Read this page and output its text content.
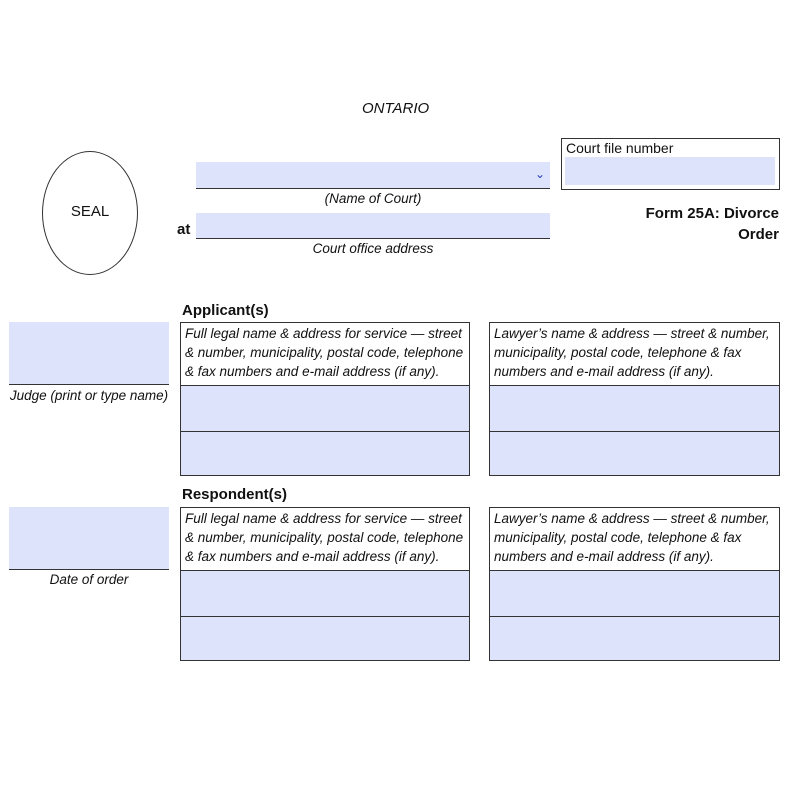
ONTARIO
SEAL
⌄
(Name of Court)
at
Court office address
Court file number
Form 25A: Divorce
Order
Judge (print or type name)
Date of order
Applicant(s)
Full legal name & address for service — street & number, municipality, postal code, telephone & fax numbers and e-mail address (if any).
Lawyer’s name & address — street & number, municipality, postal code, telephone & fax numbers and e-mail address (if any).
Respondent(s)
Full legal name & address for service — street & number, municipality, postal code, telephone & fax numbers and e-mail address (if any).
Lawyer’s name & address — street & number, municipality, postal code, telephone & fax numbers and e-mail address (if any).
